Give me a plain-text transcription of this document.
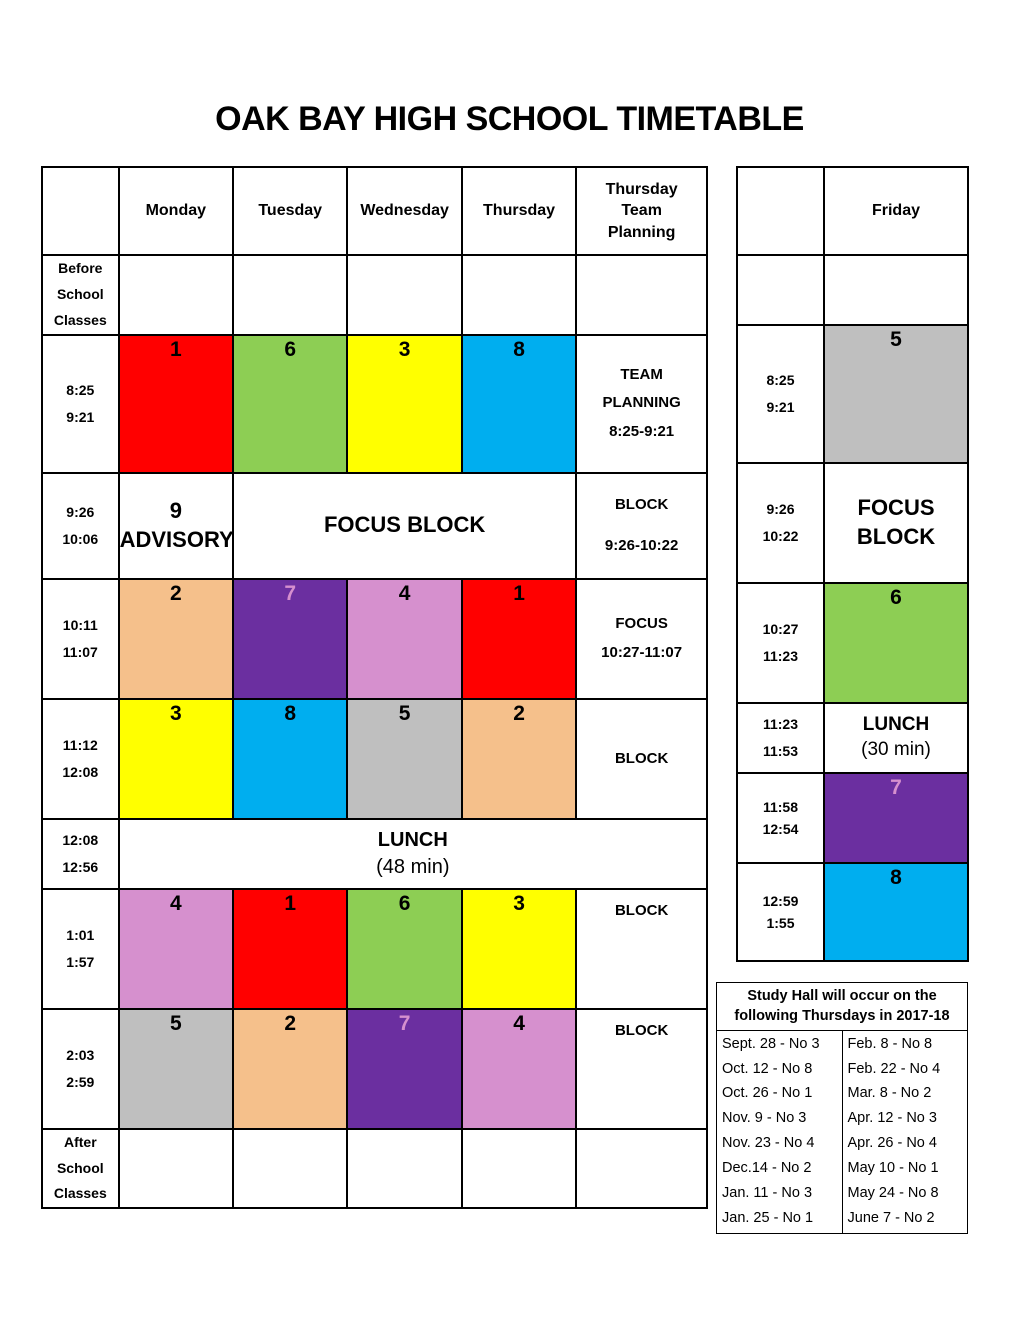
OAK BAY HIGH SCHOOL TIMETABLE
	Monday	Tuesday	Wednesday	Thursday	Thursday
Team
Planning

Before
School
Classes					

8:25
9:21	1	6	3	8	TEAM
PLANNING
8:25-9:21

9:26
10:06	9
ADVISORY	FOCUS BLOCK			BLOCK
9:26-10:22

10:11
11:07	2	7	4	1	FOCUS
10:27-11:07

11:12
12:08	3	8	5	2	BLOCK

12:08
12:56	LUNCH
(48 min)				

1:01
1:57	4	1	6	3	BLOCK

2:03
2:59	5	2	7	4	BLOCK

After
School
Classes					

	Friday

8:25
9:21	5

9:26
10:22	FOCUS
BLOCK

10:27
11:23	6

11:23
11:53	LUNCH
(30 min)

11:58
12:54	7

12:59
1:55	8
Study Hall will occur on the
following Thursdays in 2017-18

Sept. 28 - No 3
Oct. 12 - No 8
Oct. 26 - No 1
Nov. 9 - No 3
Nov. 23 - No 4
Dec.14 - No 2
Jan. 11 - No 3
Jan. 25 - No 1

Feb. 8 - No 8
Feb. 22 - No 4
Mar. 8 - No 2
Apr. 12 - No 3
Apr. 26 - No 4
May 10 - No 1
May 24 - No 8
June 7 - No 2
